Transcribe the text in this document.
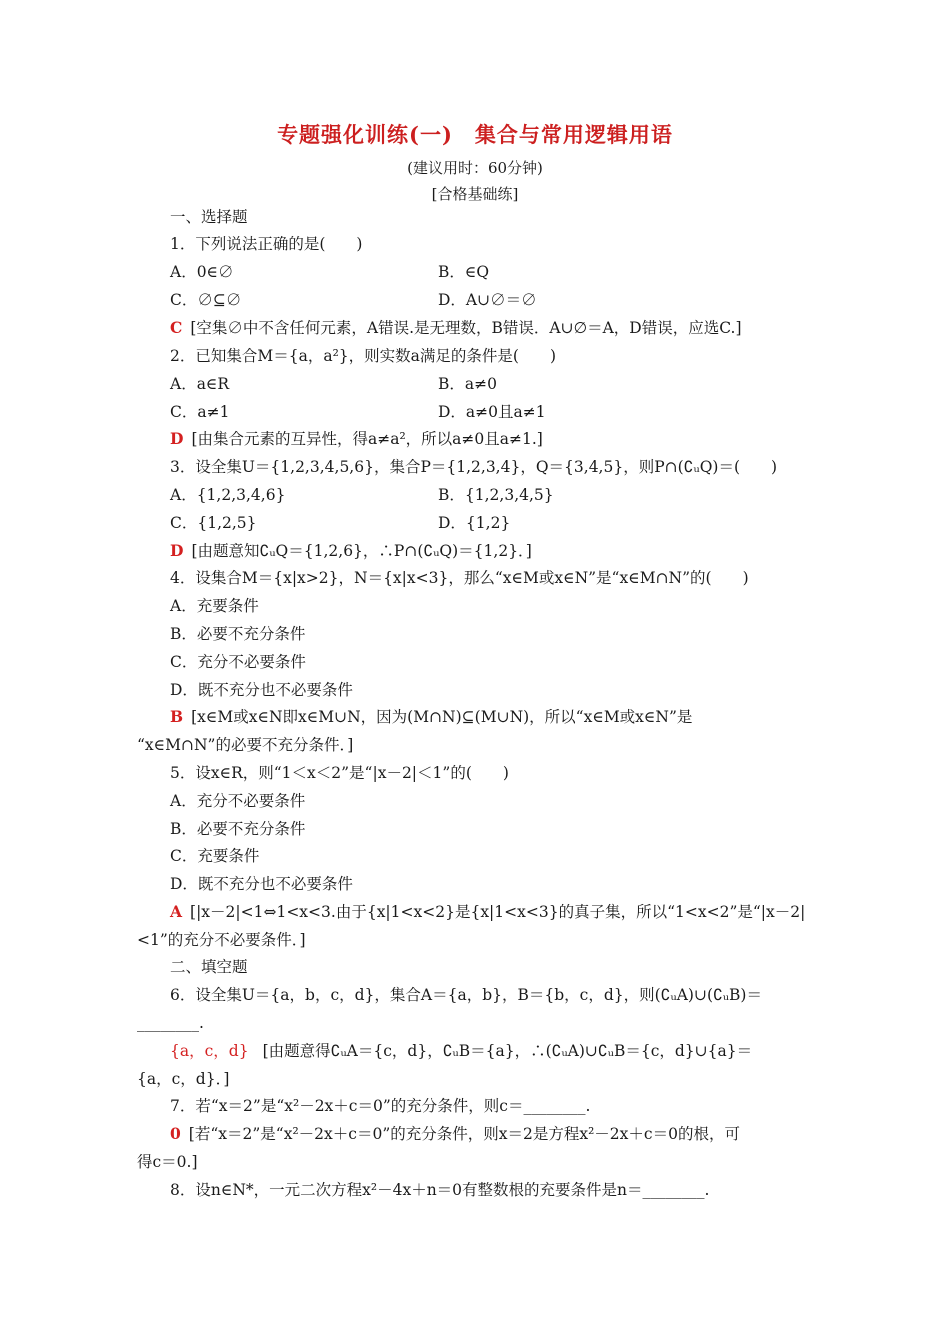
专题强化训练(一)　集合与常用逻辑用语
(建议用时：60分钟)
[合格基础练]
一、选择题
1．下列说法正确的是(　　)
A．0∈∅	B．∈Q
C．∅⊆∅	D．A∪∅＝∅
C [空集∅中不含任何元素，A错误.是无理数，B错误．A∪∅＝A，D错误，应选C.]
2．已知集合M＝{a，a²}，则实数a满足的条件是(　　)
A．a∈R	B．a≠0
C．a≠1	D．a≠0且a≠1
D [由集合元素的互异性，得a≠a²，所以a≠0且a≠1.]
3．设全集U＝{1,2,3,4,5,6}，集合P＝{1,2,3,4}，Q＝{3,4,5}，则P∩(∁ᵤQ)＝(　　)
A．{1,2,3,4,6}	B．{1,2,3,4,5}
C．{1,2,5}	D．{1,2}
D [由题意知∁ᵤQ＝{1,2,6}，∴P∩(∁ᵤQ)＝{1,2}．]
4．设集合M＝{x|x>2}，N＝{x|x<3}，那么“x∈M或x∈N”是“x∈M∩N”的(　　)
A．充要条件
B．必要不充分条件
C．充分不必要条件
D．既不充分也不必要条件
B [x∈M或x∈N即x∈M∪N，因为(M∩N)⊆(M∪N)，所以“x∈M或x∈N”是
“x∈M∩N”的必要不充分条件．]
5．设x∈R，则“1＜x＜2”是“|x－2|＜1”的(　　)
A．充分不必要条件
B．必要不充分条件
C．充要条件
D．既不充分也不必要条件
A [|x－2|<1⇔1<x<3.由于{x|1<x<2}是{x|1<x<3}的真子集，所以“1<x<2”是“|x－2|
<1”的充分不必要条件．]
二、填空题
6．设全集U＝{a，b，c，d}，集合A＝{a，b}，B＝{b，c，d}，则(∁ᵤA)∪(∁ᵤB)＝
________.
{a，c，d} [由题意得∁ᵤA＝{c，d}，∁ᵤB＝{a}，∴(∁ᵤA)∪∁ᵤB＝{c，d}∪{a}＝
{a，c，d}．]
7．若“x＝2”是“x²－2x＋c＝0”的充分条件，则c＝________.
0 [若“x＝2”是“x²－2x＋c＝0”的充分条件，则x＝2是方程x²－2x＋c＝0的根，可
得c＝0.]
8．设n∈N*，一元二次方程x²－4x＋n＝0有整数根的充要条件是n＝________.
